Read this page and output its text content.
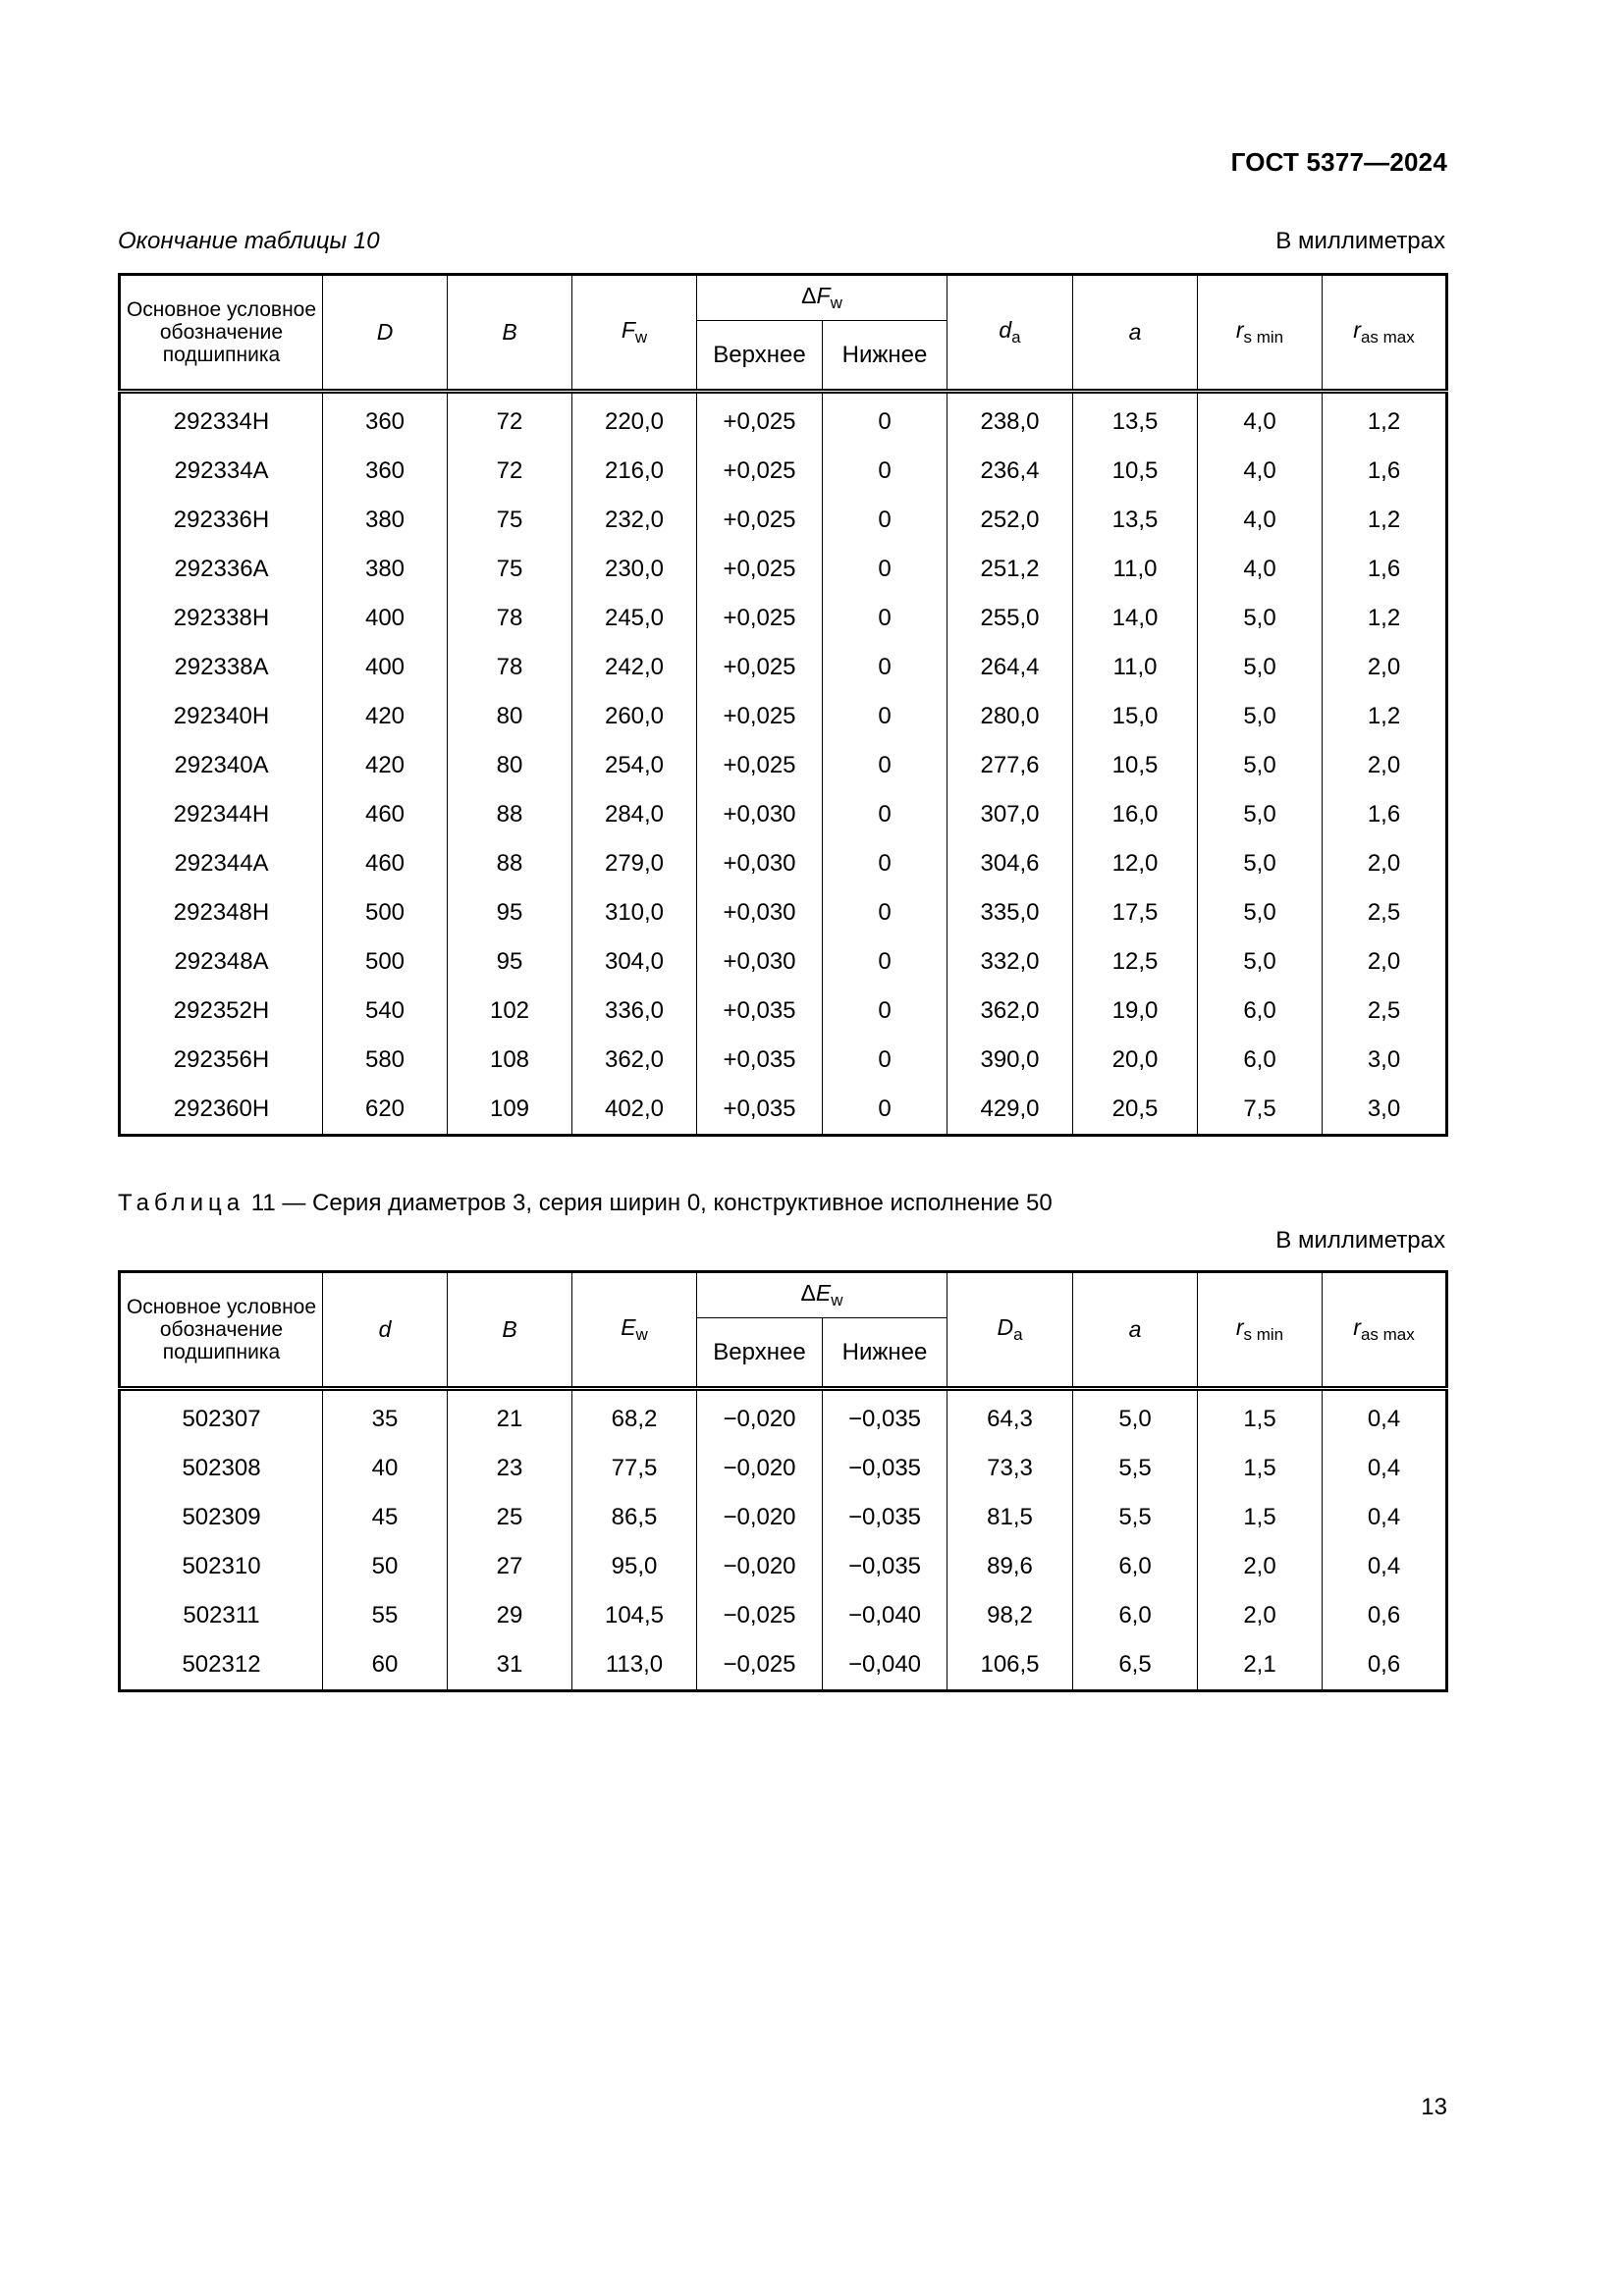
ГОСТ 5377—2024
Окончание таблицы 10	В миллиметрах
Основное условное обозначение подшипника	D	B	$F_w$	$\Delta F_w$		$d_a$	a	$r_{s min}$	$r_{as max}$
				Верхнее	Нижнее				
292334H	360	72	220,0	+0,025	0	238,0	13,5	4,0	1,2
292334A	360	72	216,0	+0,025	0	236,4	10,5	4,0	1,6
292336H	380	75	232,0	+0,025	0	252,0	13,5	4,0	1,2
292336A	380	75	230,0	+0,025	0	251,2	11,0	4,0	1,6
292338H	400	78	245,0	+0,025	0	255,0	14,0	5,0	1,2
292338A	400	78	242,0	+0,025	0	264,4	11,0	5,0	2,0
292340H	420	80	260,0	+0,025	0	280,0	15,0	5,0	1,2
292340A	420	80	254,0	+0,025	0	277,6	10,5	5,0	2,0
292344H	460	88	284,0	+0,030	0	307,0	16,0	5,0	1,6
292344A	460	88	279,0	+0,030	0	304,6	12,0	5,0	2,0
292348H	500	95	310,0	+0,030	0	335,0	17,5	5,0	2,5
292348A	500	95	304,0	+0,030	0	332,0	12,5	5,0	2,0
292352H	540	102	336,0	+0,035	0	362,0	19,0	6,0	2,5
292356H	580	108	362,0	+0,035	0	390,0	20,0	6,0	3,0
292360H	620	109	402,0	+0,035	0	429,0	20,5	7,5	3,0
Таблица 11 — Серия диаметров 3, серия ширин 0, конструктивное исполнение 50
В миллиметрах
Основное условное обозначение подшипника	d	B	$E_w$	$\Delta E_w$		$D_a$	a	$r_{s min}$	$r_{as max}$
				Верхнее	Нижнее				
502307	35	21	68,2	−0,020	−0,035	64,3	5,0	1,5	0,4
502308	40	23	77,5	−0,020	−0,035	73,3	5,5	1,5	0,4
502309	45	25	86,5	−0,020	−0,035	81,5	5,5	1,5	0,4
502310	50	27	95,0	−0,020	−0,035	89,6	6,0	2,0	0,4
502311	55	29	104,5	−0,025	−0,040	98,2	6,0	2,0	0,6
502312	60	31	113,0	−0,025	−0,040	106,5	6,5	2,1	0,6
13
